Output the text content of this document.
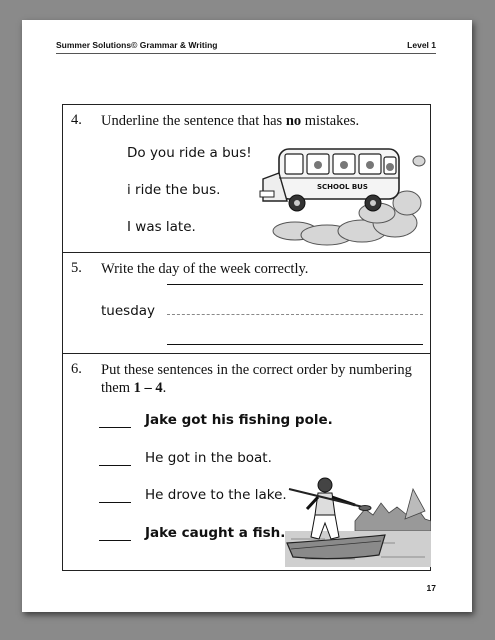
Summer Solutions© Grammar & Writing	Level 1
4. Underline the sentence that has no mistakes.
Do you ride a bus!
i ride the bus.
I was late.
SCHOOL BUS
5. Write the day of the week correctly.
tuesday
6. Put these sentences in the correct order by numbering them 1 – 4.
Jake got his fishing pole.
He got in the boat.
He drove to the lake.
Jake caught a fish.
17
